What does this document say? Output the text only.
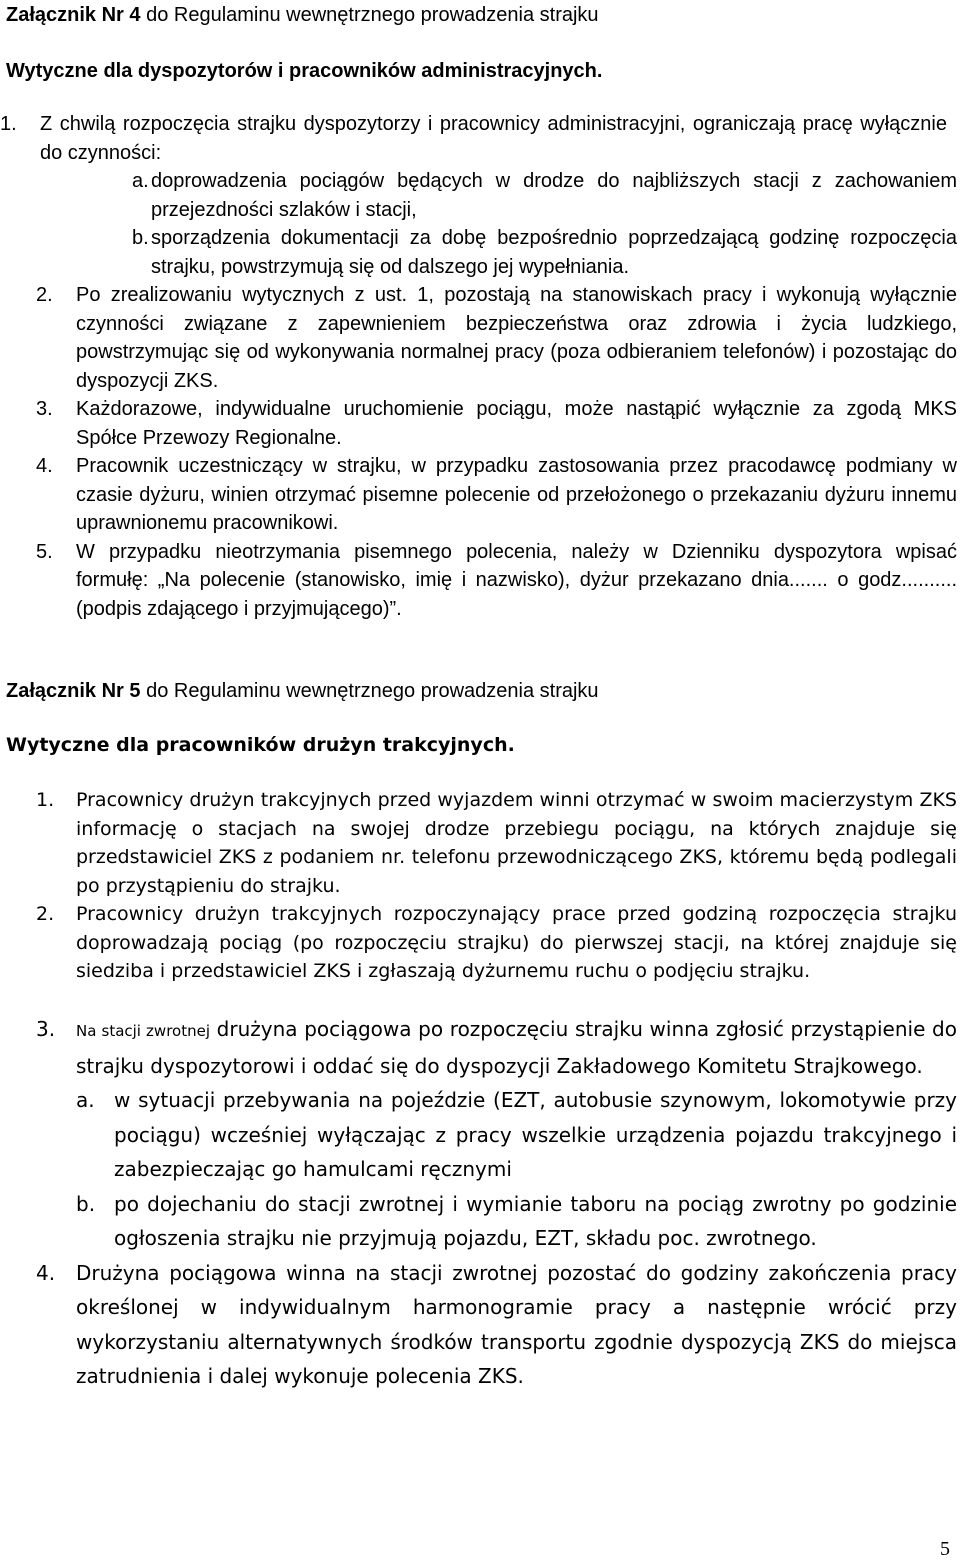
Załącznik Nr 4 do Regulaminu wewnętrznego prowadzenia strajku
Wytyczne dla dyspozytorów i pracowników administracyjnych.
1. Z chwilą rozpoczęcia strajku dyspozytorzy i pracownicy administracyjni, ograniczają pracę wyłącznie do czynności:
a. doprowadzenia pociągów będących w drodze do najbliższych stacji z zachowaniem przejezdności szlaków i stacji,
b. sporządzenia dokumentacji za dobę bezpośrednio poprzedzającą godzinę rozpoczęcia strajku, powstrzymują się od dalszego jej wypełniania.
2. Po zrealizowaniu wytycznych z ust. 1, pozostają na stanowiskach pracy i wykonują wyłącznie czynności związane z zapewnieniem bezpieczeństwa oraz zdrowia i życia ludzkiego, powstrzymując się od wykonywania normalnej pracy (poza odbieraniem telefonów) i pozostając do dyspozycji ZKS.
3. Każdorazowe, indywidualne uruchomienie pociągu, może nastąpić wyłącznie za zgodą MKS Spółce Przewozy Regionalne.
4. Pracownik uczestniczący w strajku, w przypadku zastosowania przez pracodawcę podmiany w czasie dyżuru, winien otrzymać pisemne polecenie od przełożonego o przekazaniu dyżuru innemu uprawnionemu pracownikowi.
5. W przypadku nieotrzymania pisemnego polecenia, należy w Dzienniku dyspozytora wpisać formułę: „Na polecenie (stanowisko, imię i nazwisko), dyżur przekazano dnia....... o godz.......... (podpis zdającego i przyjmującego)”.
Załącznik Nr 5 do Regulaminu wewnętrznego prowadzenia strajku
Wytyczne dla pracowników drużyn trakcyjnych.
1. Pracownicy drużyn trakcyjnych przed wyjazdem winni otrzymać w swoim macierzystym ZKS informację o stacjach na swojej drodze przebiegu pociągu, na których znajduje się przedstawiciel ZKS z podaniem nr. telefonu przewodniczącego ZKS, któremu będą podlegali po przystąpieniu do strajku.
2. Pracownicy drużyn trakcyjnych rozpoczynający prace przed godziną rozpoczęcia strajku doprowadzają pociąg (po rozpoczęciu strajku) do pierwszej stacji, na której znajduje się siedziba i przedstawiciel ZKS i zgłaszają dyżurnemu ruchu o podjęciu strajku.
3. Na stacji zwrotnej drużyna pociągowa po rozpoczęciu strajku winna zgłosić przystąpienie do strajku dyspozytorowi i oddać się do dyspozycji Zakładowego Komitetu Strajkowego.
a. w sytuacji przebywania na pojeździe (EZT, autobusie szynowym, lokomotywie przy pociągu) wcześniej wyłączając z pracy wszelkie urządzenia pojazdu trakcyjnego i zabezpieczając go hamulcami ręcznymi
b. po dojechaniu do stacji zwrotnej i wymianie taboru na pociąg zwrotny po godzinie ogłoszenia strajku nie przyjmują pojazdu, EZT, składu poc. zwrotnego.
4. Drużyna pociągowa winna na stacji zwrotnej pozostać do godziny zakończenia pracy określonej w indywidualnym harmonogramie pracy a następnie wrócić przy wykorzystaniu alternatywnych środków transportu zgodnie dyspozycją ZKS do miejsca zatrudnienia i dalej wykonuje polecenia ZKS.
5
